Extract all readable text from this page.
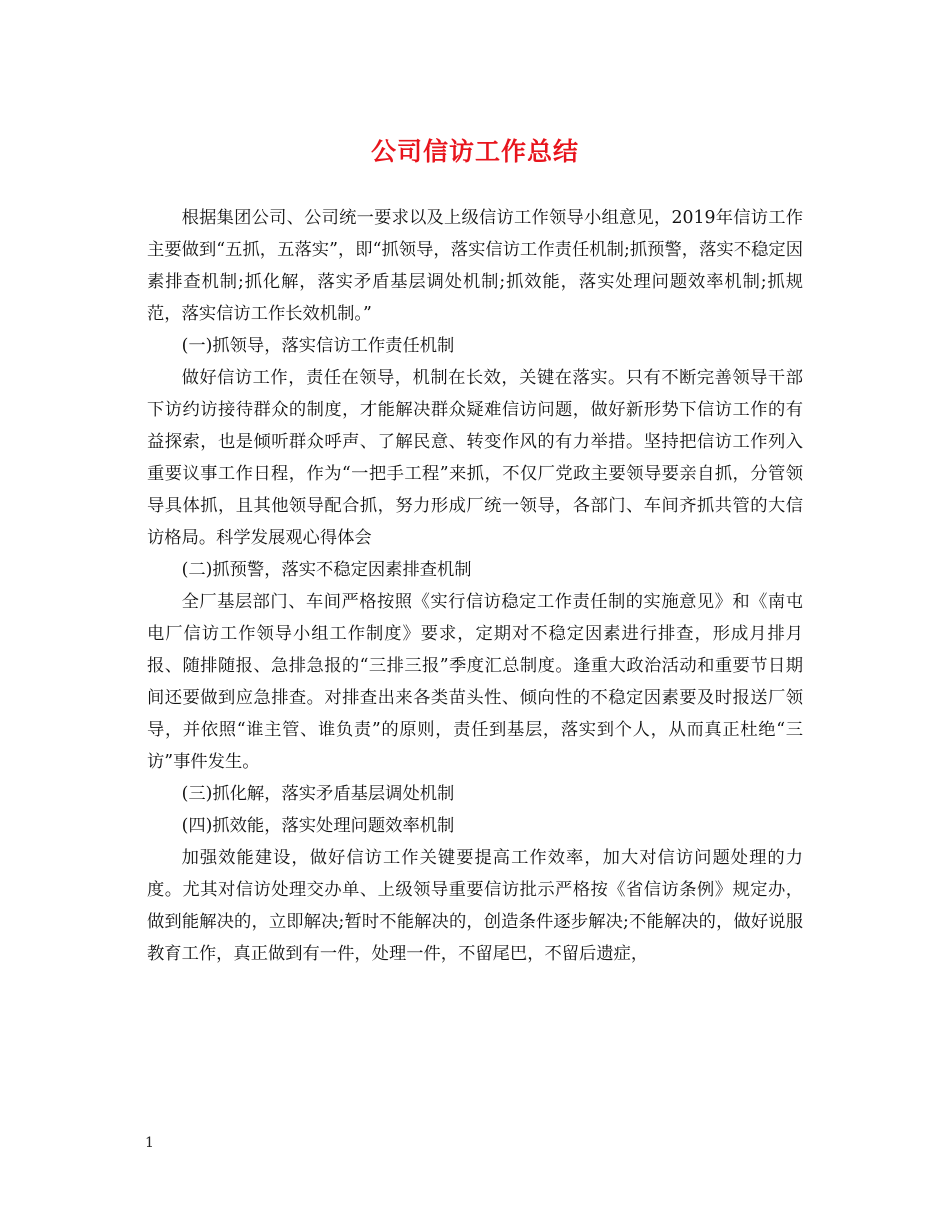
公司信访工作总结

根据集团公司、公司统一要求以及上级信访工作领导小组意见，2019年信访工作主要做到“五抓，五落实”，即“抓领导，落实信访工作责任机制;抓预警，落实不稳定因素排查机制;抓化解，落实矛盾基层调处机制;抓效能，落实处理问题效率机制;抓规范，落实信访工作长效机制。”

(一)抓领导，落实信访工作责任机制

做好信访工作，责任在领导，机制在长效，关键在落实。只有不断完善领导干部下访约访接待群众的制度，才能解决群众疑难信访问题，做好新形势下信访工作的有益探索，也是倾听群众呼声、了解民意、转变作风的有力举措。坚持把信访工作列入重要议事工作日程，作为“一把手工程”来抓，不仅厂党政主要领导要亲自抓，分管领导具体抓，且其他领导配合抓，努力形成厂统一领导，各部门、车间齐抓共管的大信访格局。科学发展观心得体会

(二)抓预警，落实不稳定因素排查机制

全厂基层部门、车间严格按照《实行信访稳定工作责任制的实施意见》和《南屯电厂信访工作领导小组工作制度》要求，定期对不稳定因素进行排查，形成月排月报、随排随报、急排急报的“三排三报”季度汇总制度。逢重大政治活动和重要节日期间还要做到应急排查。对排查出来各类苗头性、倾向性的不稳定因素要及时报送厂领导，并依照“谁主管、谁负责”的原则，责任到基层，落实到个人，从而真正杜绝“三访”事件发生。

(三)抓化解，落实矛盾基层调处机制

(四)抓效能，落实处理问题效率机制

加强效能建设，做好信访工作关键要提高工作效率，加大对信访问题处理的力度。尤其对信访处理交办单、上级领导重要信访批示严格按《省信访条例》规定办，做到能解决的，立即解决;暂时不能解决的，创造条件逐步解决;不能解决的，做好说服教育工作，真正做到有一件，处理一件，不留尾巴，不留后遗症，

1
